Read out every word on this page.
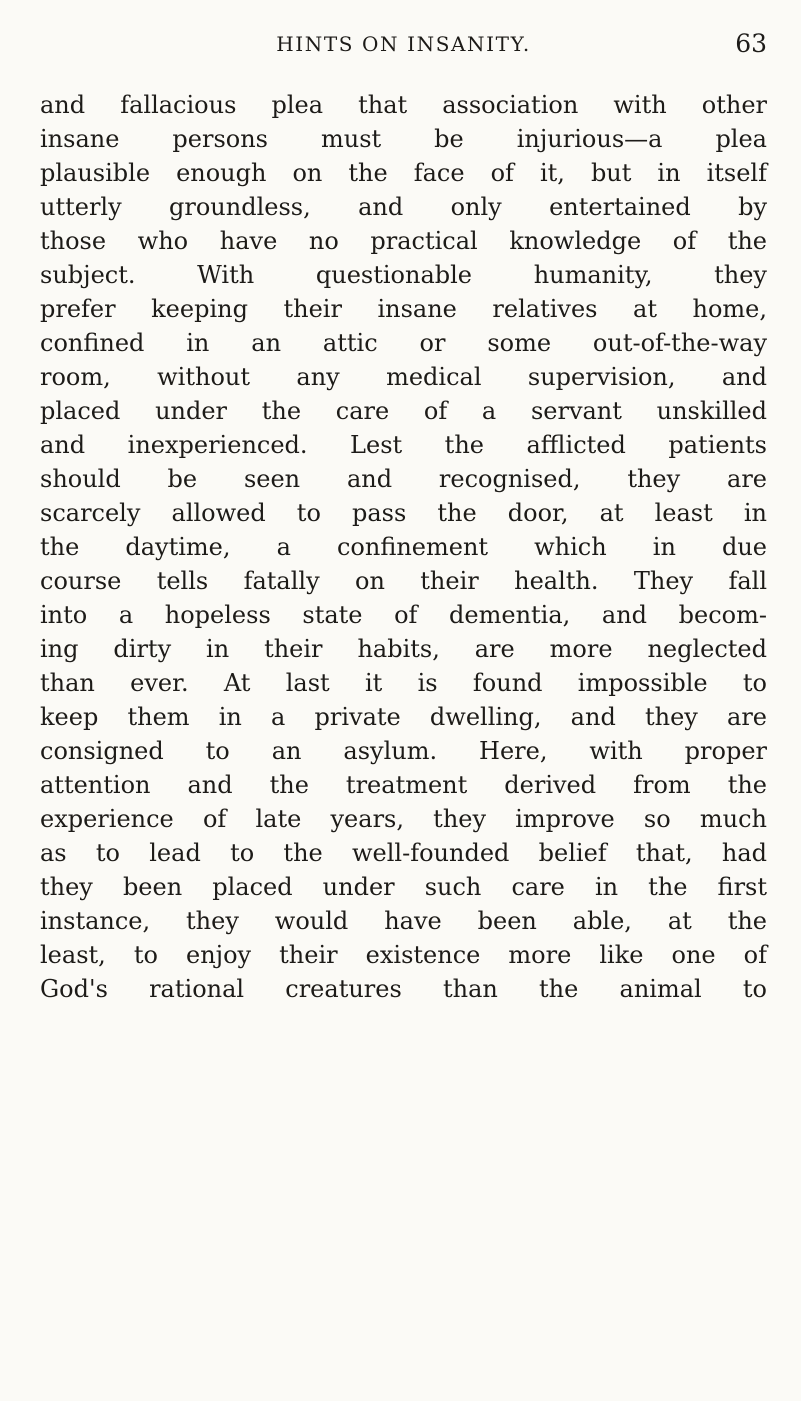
HINTS ON INSANITY.	63
and fallacious plea that association with other
insane persons must be injurious—a plea
plausible enough on the face of it, but in itself
utterly groundless, and only entertained by
those who have no practical knowledge of the
subject. With questionable humanity, they
prefer keeping their insane relatives at home,
confined in an attic or some out-of-the-way
room, without any medical supervision, and
placed under the care of a servant unskilled
and inexperienced. Lest the afflicted patients
should be seen and recognised, they are
scarcely allowed to pass the door, at least in
the daytime, a confinement which in due
course tells fatally on their health. They fall
into a hopeless state of dementia, and becom-
ing dirty in their habits, are more neglected
than ever. At last it is found impossible to
keep them in a private dwelling, and they are
consigned to an asylum. Here, with proper
attention and the treatment derived from the
experience of late years, they improve so much
as to lead to the well-founded belief that, had
they been placed under such care in the first
instance, they would have been able, at the
least, to enjoy their existence more like one of
God's rational creatures than the animal to
